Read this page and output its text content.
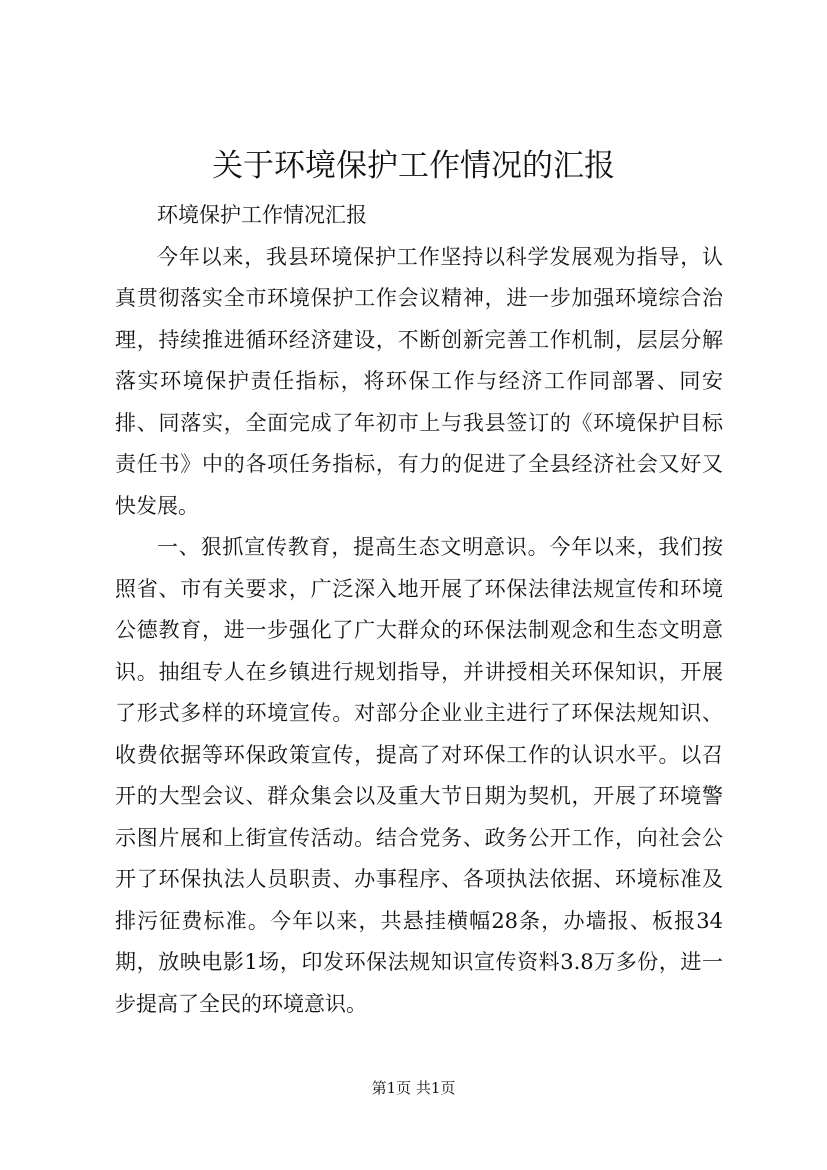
关于环境保护工作情况的汇报

环境保护工作情况汇报

今年以来，我县环境保护工作坚持以科学发展观为指导，认真贯彻落实全市环境保护工作会议精神，进一步加强环境综合治理，持续推进循环经济建设，不断创新完善工作机制，层层分解落实环境保护责任指标，将环保工作与经济工作同部署、同安排、同落实，全面完成了年初市上与我县签订的《环境保护目标责任书》中的各项任务指标，有力的促进了全县经济社会又好又快发展。

一、狠抓宣传教育，提高生态文明意识。今年以来，我们按照省、市有关要求，广泛深入地开展了环保法律法规宣传和环境公德教育，进一步强化了广大群众的环保法制观念和生态文明意识。抽组专人在乡镇进行规划指导，并讲授相关环保知识，开展了形式多样的环境宣传。对部分企业业主进行了环保法规知识、收费依据等环保政策宣传，提高了对环保工作的认识水平。以召开的大型会议、群众集会以及重大节日期为契机，开展了环境警示图片展和上街宣传活动。结合党务、政务公开工作，向社会公开了环保执法人员职责、办事程序、各项执法依据、环境标准及排污征费标准。今年以来，共悬挂横幅28条，办墙报、板报34期，放映电影1场，印发环保法规知识宣传资料3.8万多份，进一步提高了全民的环境意识。

第1页 共1页
